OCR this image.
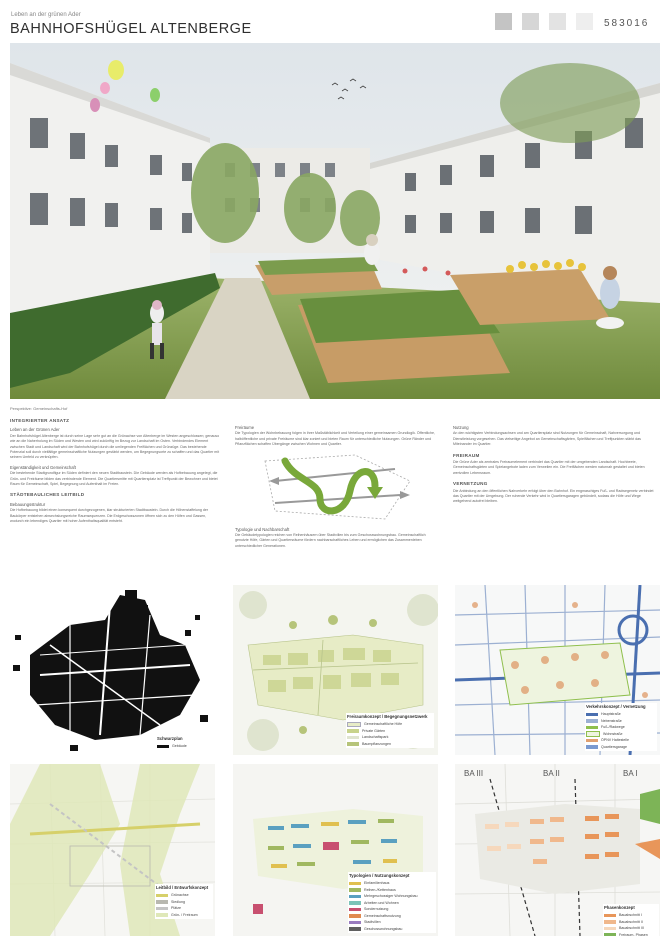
Leben an der grünen Ader
BAHNHOFSHÜGEL ALTENBERGE	583016
Perspektive: Gemeinschafts-Hof
INTEGRIERTER ANSATZ
Leben an der Grünen Ader

Der Bahnhofshügel Altenberge ist durch seine Lage sehr gut an die Grünachse von Altenberge im Westen angeschlossen; genauso wie an die Naherholung im Süden und Westen und wird zukünftig im Bezug zur Landschaft im Osten. Verbindendes Element zwischen Stadt und Landschaft wird der Bahnhofshügel durch die umliegenden Freiflächen und Grünzüge. Das bestehende Potenzial soll durch vielfältige gemeinschaftliche Nutzungen gestärkt werden, um Begegnungsorte zu schaffen und das Quartier mit seinem Umfeld zu verknüpfen.

Eigenständigkeit und Gemeinschaft

Die bestehende Stadtgrundfigur im Süden definiert den neuen Stadtbaustein. Die Gebäude werden als Hofbebauung angelegt, die Grün- und Freiräume bilden das verbindende Element. Die Quartiersmitte mit Quartiersplatz ist Treffpunkt der Bewohner und bietet Raum für Gemeinschaft, Spiel, Begegnung und Aufenthalt im Freien.

STÄDTEBAULICHES LEITBILD
Bebauungsstruktur

Die Hofbebauung bildet einen konsequent durchgezogenen, klar strukturierten Stadtbaustein. Durch die Höhenstaffelung der Baukörper entstehen abwechslungsreiche Raumsequenzen. Die Erdgeschosszonen öffnen sich zu den Höfen und Gassen, wodurch ein lebendiges Quartier mit hoher Aufenthaltsqualität entsteht.

Freiräume

Die Typologien der Wohnbebauung folgen in ihrer Maßstäblichkeit und Verteilung einer gemeinsamen Grundlogik. Öffentliche, halböffentliche und private Freiräume sind klar zoniert und bieten Raum für unterschiedliche Nutzungen. Grüne Ränder und Pflanzflächen schaffen Übergänge zwischen Wohnen und Quartier.

Typologie und Nachbarschaft

Die Gebäudetypologien reichen von Reihenhäusern über Stadtvillen bis zum Geschosswohnungsbau. Gemeinschaftlich genutzte Höfe, Gärten und Quartiersräume fördern nachbarschaftliches Leben und ermöglichen das Zusammenleben unterschiedlicher Generationen.

Nutzung

An den wichtigsten Verbindungsachsen und am Quartiersplatz sind Nutzungen für Gemeinschaft, Nahversorgung und Dienstleistung vorgesehen. Das vielseitige Angebot an Gemeinschaftsgärten, Spielflächen und Treffpunkten stärkt das Miteinander im Quartier.

FREIRAUM

Die Grüne Ader als zentrales Freiraumelement verbindet das Quartier mit der umgebenden Landschaft. Hochbeete, Gemeinschaftsgärten und Spielangebote laden zum Verweilen ein. Die Freiflächen werden naturnah gestaltet und bieten wertvollen Lebensraum.

VERNETZUNG

Die Anbindung an den öffentlichen Nahverkehr erfolgt über den Bahnhof. Ein engmaschiges Fuß- und Radwegenetz verbindet das Quartier mit der Umgebung. Der ruhende Verkehr wird in Quartiersgaragen gebündelt, sodass die Höfe und Wege weitgehend autofrei bleiben.

Schwarzplan
Gebäude
Freiraumkonzept / Begegnungsnetzwerk
Gemeinschaftliche Höfe
Private Gärten
Landschaftspark
Baumpflanzungen
Verkehrskonzept / Vernetzung
Hauptstraße
Nebenstraße
Fuß-/Radwege
Wohnstraße
ÖPNV Haltestelle
Quartiersgarage
Leitbild / Entwurfskonzept
Grünachse
Siedlung
Plätze
Grün- / Freiraum
Typologien / Nutzungskonzept
Einfamilienhaus
Reihen-/Kettenhaus
Mehrgeschossiger Wohnungsbau
Arbeiten und Wohnen
Sondernutzung
Gemeinschaftsnutzung
Stadtvillen
Geschosswohnungsbau
BA III	BA II	BA I
Phasenkonzept
Bauabschnitt I
Bauabschnitt II
Bauabschnitt III
Freiraum- Phasen
